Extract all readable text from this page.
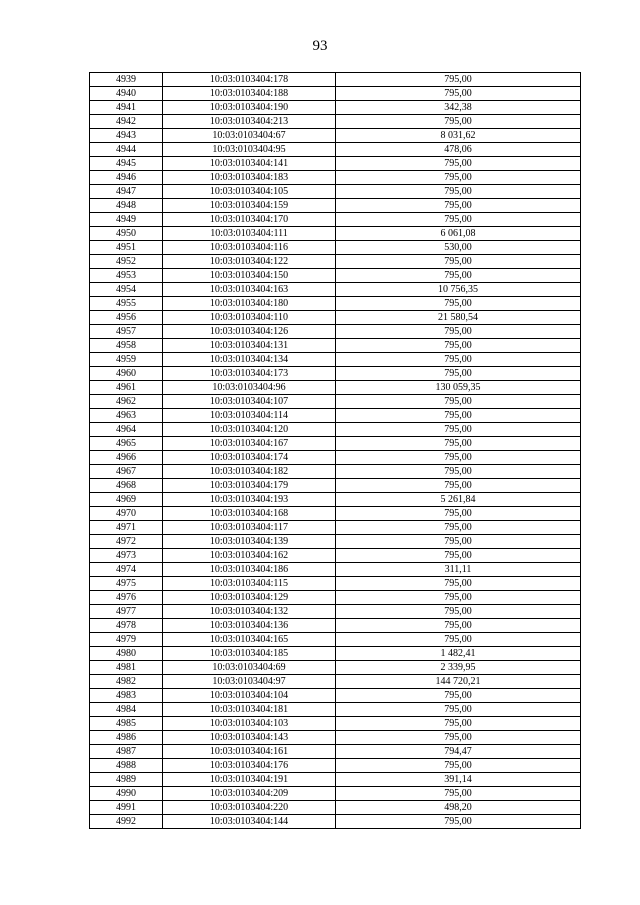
93
4939	10:03:0103404:178	795,00
4940	10:03:0103404:188	795,00
4941	10:03:0103404:190	342,38
4942	10:03:0103404:213	795,00
4943	10:03:0103404:67	8 031,62
4944	10:03:0103404:95	478,06
4945	10:03:0103404:141	795,00
4946	10:03:0103404:183	795,00
4947	10:03:0103404:105	795,00
4948	10:03:0103404:159	795,00
4949	10:03:0103404:170	795,00
4950	10:03:0103404:111	6 061,08
4951	10:03:0103404:116	530,00
4952	10:03:0103404:122	795,00
4953	10:03:0103404:150	795,00
4954	10:03:0103404:163	10 756,35
4955	10:03:0103404:180	795,00
4956	10:03:0103404:110	21 580,54
4957	10:03:0103404:126	795,00
4958	10:03:0103404:131	795,00
4959	10:03:0103404:134	795,00
4960	10:03:0103404:173	795,00
4961	10:03:0103404:96	130 059,35
4962	10:03:0103404:107	795,00
4963	10:03:0103404:114	795,00
4964	10:03:0103404:120	795,00
4965	10:03:0103404:167	795,00
4966	10:03:0103404:174	795,00
4967	10:03:0103404:182	795,00
4968	10:03:0103404:179	795,00
4969	10:03:0103404:193	5 261,84
4970	10:03:0103404:168	795,00
4971	10:03:0103404:117	795,00
4972	10:03:0103404:139	795,00
4973	10:03:0103404:162	795,00
4974	10:03:0103404:186	311,11
4975	10:03:0103404:115	795,00
4976	10:03:0103404:129	795,00
4977	10:03:0103404:132	795,00
4978	10:03:0103404:136	795,00
4979	10:03:0103404:165	795,00
4980	10:03:0103404:185	1 482,41
4981	10:03:0103404:69	2 339,95
4982	10:03:0103404:97	144 720,21
4983	10:03:0103404:104	795,00
4984	10:03:0103404:181	795,00
4985	10:03:0103404:103	795,00
4986	10:03:0103404:143	795,00
4987	10:03:0103404:161	794,47
4988	10:03:0103404:176	795,00
4989	10:03:0103404:191	391,14
4990	10:03:0103404:209	795,00
4991	10:03:0103404:220	498,20
4992	10:03:0103404:144	795,00
